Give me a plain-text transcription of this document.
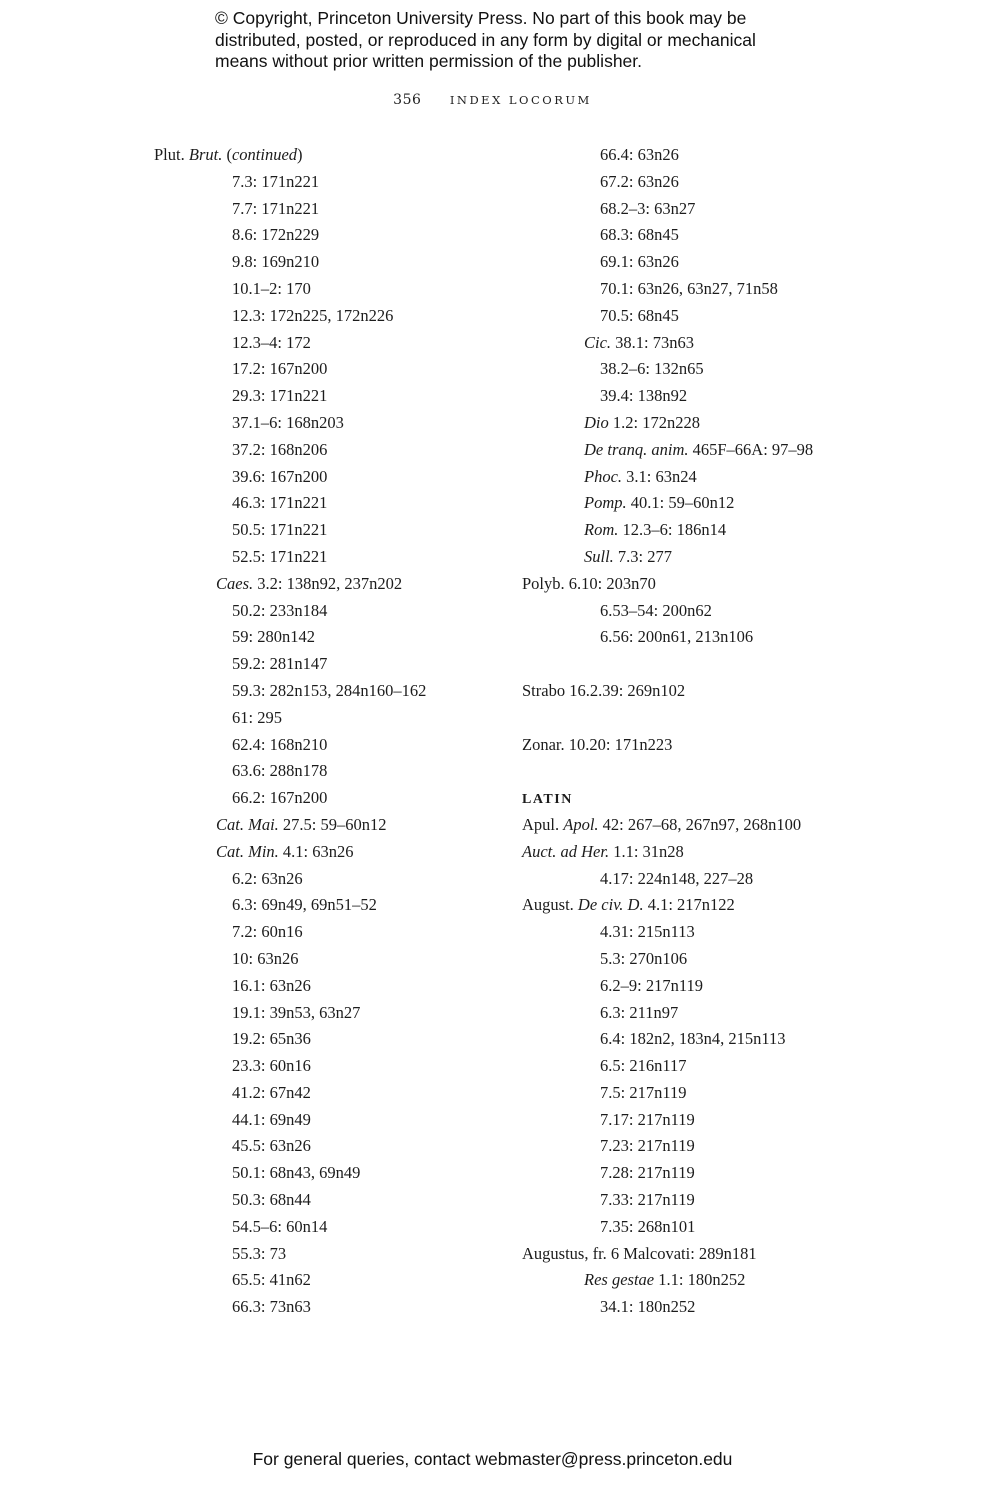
© Copyright, Princeton University Press. No part of this book may be
distributed, posted, or reproduced in any form by digital or mechanical
means without prior written permission of the publisher.
356 INDEX LOCORUM
Plut. Brut. (continued)
7.3: 171n221
7.7: 171n221
8.6: 172n229
9.8: 169n210
10.1–2: 170
12.3: 172n225, 172n226
12.3–4: 172
17.2: 167n200
29.3: 171n221
37.1–6: 168n203
37.2: 168n206
39.6: 167n200
46.3: 171n221
50.5: 171n221
52.5: 171n221
Caes. 3.2: 138n92, 237n202
50.2: 233n184
59: 280n142
59.2: 281n147
59.3: 282n153, 284n160–162
61: 295
62.4: 168n210
63.6: 288n178
66.2: 167n200
Cat. Mai. 27.5: 59–60n12
Cat. Min. 4.1: 63n26
6.2: 63n26
6.3: 69n49, 69n51–52
7.2: 60n16
10: 63n26
16.1: 63n26
19.1: 39n53, 63n27
19.2: 65n36
23.3: 60n16
41.2: 67n42
44.1: 69n49
45.5: 63n26
50.1: 68n43, 69n49
50.3: 68n44
54.5–6: 60n14
55.3: 73
65.5: 41n62
66.3: 73n63
66.4: 63n26
67.2: 63n26
68.2–3: 63n27
68.3: 68n45
69.1: 63n26
70.1: 63n26, 63n27, 71n58
70.5: 68n45
Cic. 38.1: 73n63
38.2–6: 132n65
39.4: 138n92
Dio 1.2: 172n228
De tranq. anim. 465F–66A: 97–98
Phoc. 3.1: 63n24
Pomp. 40.1: 59–60n12
Rom. 12.3–6: 186n14
Sull. 7.3: 277
Polyb. 6.10: 203n70
6.53–54: 200n62
6.56: 200n61, 213n106
Strabo 16.2.39: 269n102
Zonar. 10.20: 171n223
LATIN
Apul. Apol. 42: 267–68, 267n97, 268n100
Auct. ad Her. 1.1: 31n28
4.17: 224n148, 227–28
August. De civ. D. 4.1: 217n122
4.31: 215n113
5.3: 270n106
6.2–9: 217n119
6.3: 211n97
6.4: 182n2, 183n4, 215n113
6.5: 216n117
7.5: 217n119
7.17: 217n119
7.23: 217n119
7.28: 217n119
7.33: 217n119
7.35: 268n101
Augustus, fr. 6 Malcovati: 289n181
Res gestae 1.1: 180n252
34.1: 180n252
For general queries, contact webmaster@press.princeton.edu
